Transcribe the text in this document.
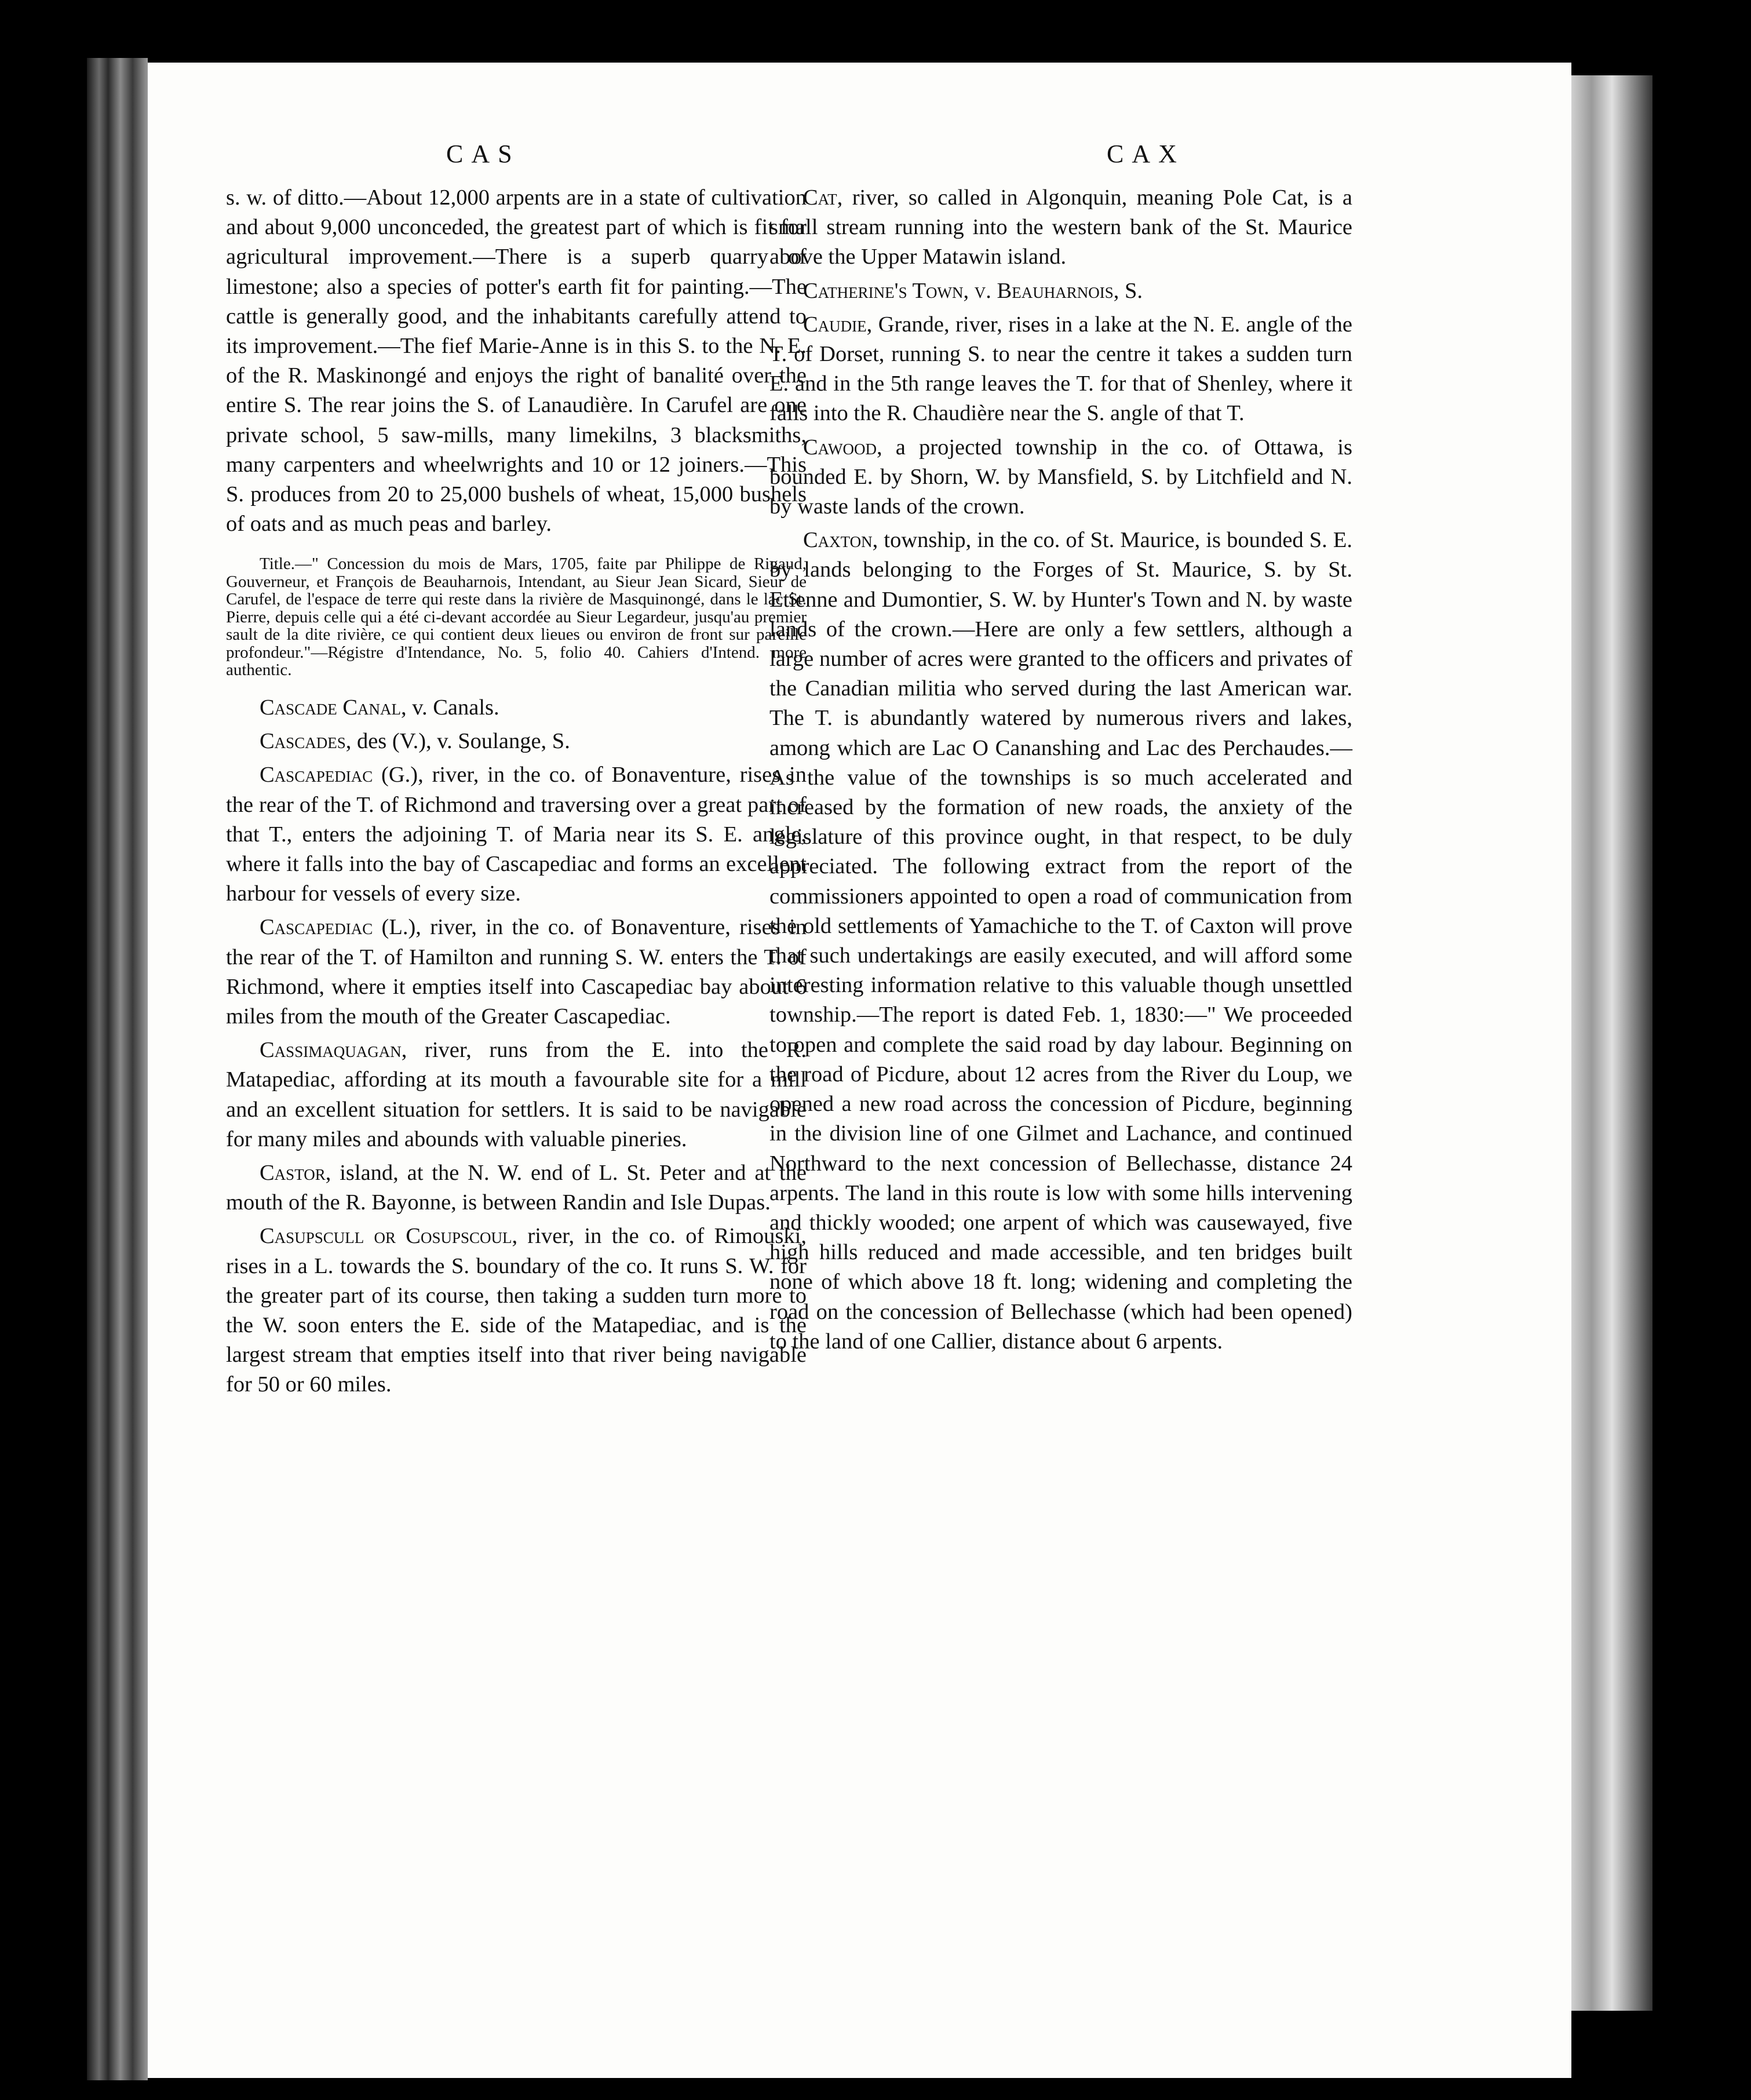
CAS	CAX

s. w. of ditto.—About 12,000 arpents are in a state of cultivation and about 9,000 unconceded, the greatest part of which is fit for agricultural improvement.—There is a superb quarry of limestone; also a species of potter's earth fit for painting.—The cattle is generally good, and the inhabitants carefully attend to its improvement.—The fief Marie-Anne is in this S. to the N. E. of the R. Maskinongé and enjoys the right of banalité over the entire S. The rear joins the S. of Lanaudière. In Carufel are one private school, 5 saw-mills, many limekilns, 3 blacksmiths, many carpenters and wheelwrights and 10 or 12 joiners.—This S. produces from 20 to 25,000 bushels of wheat, 15,000 bushels of oats and as much peas and barley.

Title.—" Concession du mois de Mars, 1705, faite par Philippe de Rigaud, Gouverneur, et François de Beauharnois, Intendant, au Sieur Jean Sicard, Sieur de Carufel, de l'espace de terre qui reste dans la rivière de Masquinongé, dans le lac St. Pierre, depuis celle qui a été ci-devant accordée au Sieur Legardeur, jusqu'au premier sault de la dite rivière, ce qui contient deux lieues ou environ de front sur pareille profondeur."—Régistre d'Intendance, No. 5, folio 40. Cahiers d'Intend. more authentic.

Cascade Canal, v. Canals.

Cascades, des (V.), v. Soulange, S.

Cascapediac (G.), river, in the co. of Bonaventure, rises in the rear of the T. of Richmond and traversing over a great part of that T., enters the adjoining T. of Maria near its S. E. angle, where it falls into the bay of Cascapediac and forms an excellent harbour for vessels of every size.

Cascapediac (L.), river, in the co. of Bonaventure, rises in the rear of the T. of Hamilton and running S. W. enters the T. of Richmond, where it empties itself into Cascapediac bay about 6 miles from the mouth of the Greater Cascapediac.

Cassimaquagan, river, runs from the E. into the R. Matapediac, affording at its mouth a favourable site for a mill and an excellent situation for settlers. It is said to be navigable for many miles and abounds with valuable pineries.

Castor, island, at the N. W. end of L. St. Peter and at the mouth of the R. Bayonne, is between Randin and Isle Dupas.

Casupscull or Cosupscoul, river, in the co. of Rimouski, rises in a L. towards the S. boundary of the co. It runs S. W. for the greater part of its course, then taking a sudden turn more to the W. soon enters the E. side of the Matapediac, and is the largest stream that empties itself into that river being navigable for 50 or 60 miles.

Cat, river, so called in Algonquin, meaning Pole Cat, is a small stream running into the western bank of the St. Maurice above the Upper Matawin island.

Catherine's Town, v. Beauharnois, S.

Caudie, Grande, river, rises in a lake at the N. E. angle of the T. of Dorset, running S. to near the centre it takes a sudden turn E. and in the 5th range leaves the T. for that of Shenley, where it falls into the R. Chaudière near the S. angle of that T.

Cawood, a projected township in the co. of Ottawa, is bounded E. by Shorn, W. by Mansfield, S. by Litchfield and N. by waste lands of the crown.

Caxton, township, in the co. of St. Maurice, is bounded S. E. by lands belonging to the Forges of St. Maurice, S. by St. Etienne and Dumontier, S. W. by Hunter's Town and N. by waste lands of the crown.—Here are only a few settlers, although a large number of acres were granted to the officers and privates of the Canadian militia who served during the last American war. The T. is abundantly watered by numerous rivers and lakes, among which are Lac O Cananshing and Lac des Perchaudes.—As the value of the townships is so much accelerated and increased by the formation of new roads, the anxiety of the legislature of this province ought, in that respect, to be duly appreciated. The following extract from the report of the commissioners appointed to open a road of communication from the old settlements of Yamachiche to the T. of Caxton will prove that such undertakings are easily executed, and will afford some interesting information relative to this valuable though unsettled township.—The report is dated Feb. 1, 1830:—" We proceeded to open and complete the said road by day labour. Beginning on the road of Picdure, about 12 acres from the River du Loup, we opened a new road across the concession of Picdure, beginning in the division line of one Gilmet and Lachance, and continued Northward to the next concession of Bellechasse, distance 24 arpents. The land in this route is low with some hills intervening and thickly wooded; one arpent of which was causewayed, five high hills reduced and made accessible, and ten bridges built none of which above 18 ft. long; widening and completing the road on the concession of Bellechasse (which had been opened) to the land of one Callier, distance about 6 arpents.
